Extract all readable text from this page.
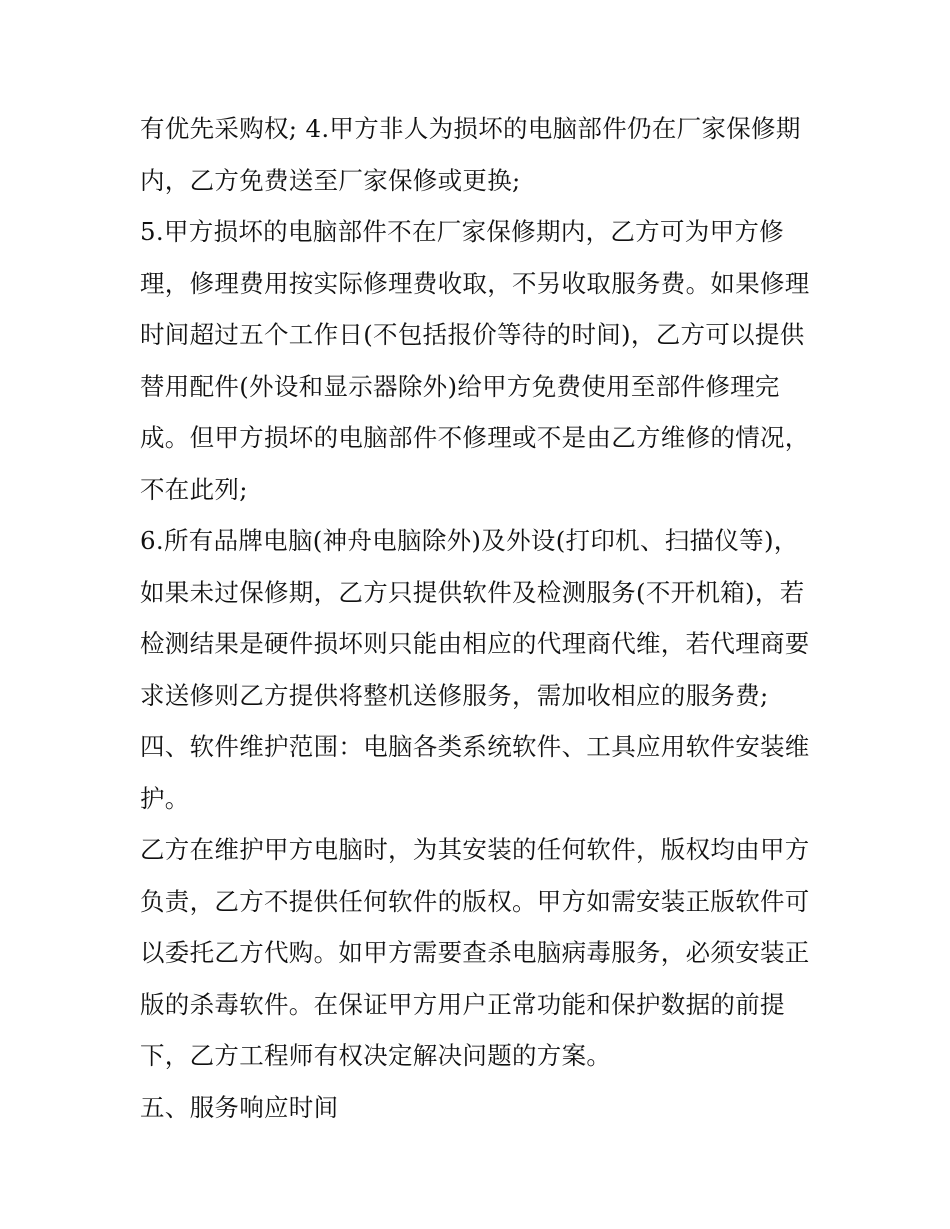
有优先采购权; 4.甲方非人为损坏的电脑部件仍在厂家保修期
内，乙方免费送至厂家保修或更换;
5.甲方损坏的电脑部件不在厂家保修期内，乙方可为甲方修
理，修理费用按实际修理费收取，不另收取服务费。如果修理
时间超过五个工作日(不包括报价等待的时间)，乙方可以提供
替用配件(外设和显示器除外)给甲方免费使用至部件修理完
成。但甲方损坏的电脑部件不修理或不是由乙方维修的情况，
不在此列;
6.所有品牌电脑(神舟电脑除外)及外设(打印机、扫描仪等)，
如果未过保修期，乙方只提供软件及检测服务(不开机箱)，若
检测结果是硬件损坏则只能由相应的代理商代维，若代理商要
求送修则乙方提供将整机送修服务，需加收相应的服务费;
四、软件维护范围：电脑各类系统软件、工具应用软件安装维
护。
乙方在维护甲方电脑时，为其安装的任何软件，版权均由甲方
负责，乙方不提供任何软件的版权。甲方如需安装正版软件可
以委托乙方代购。如甲方需要查杀电脑病毒服务，必须安装正
版的杀毒软件。在保证甲方用户正常功能和保护数据的前提
下，乙方工程师有权决定解决问题的方案。
五、服务响应时间
